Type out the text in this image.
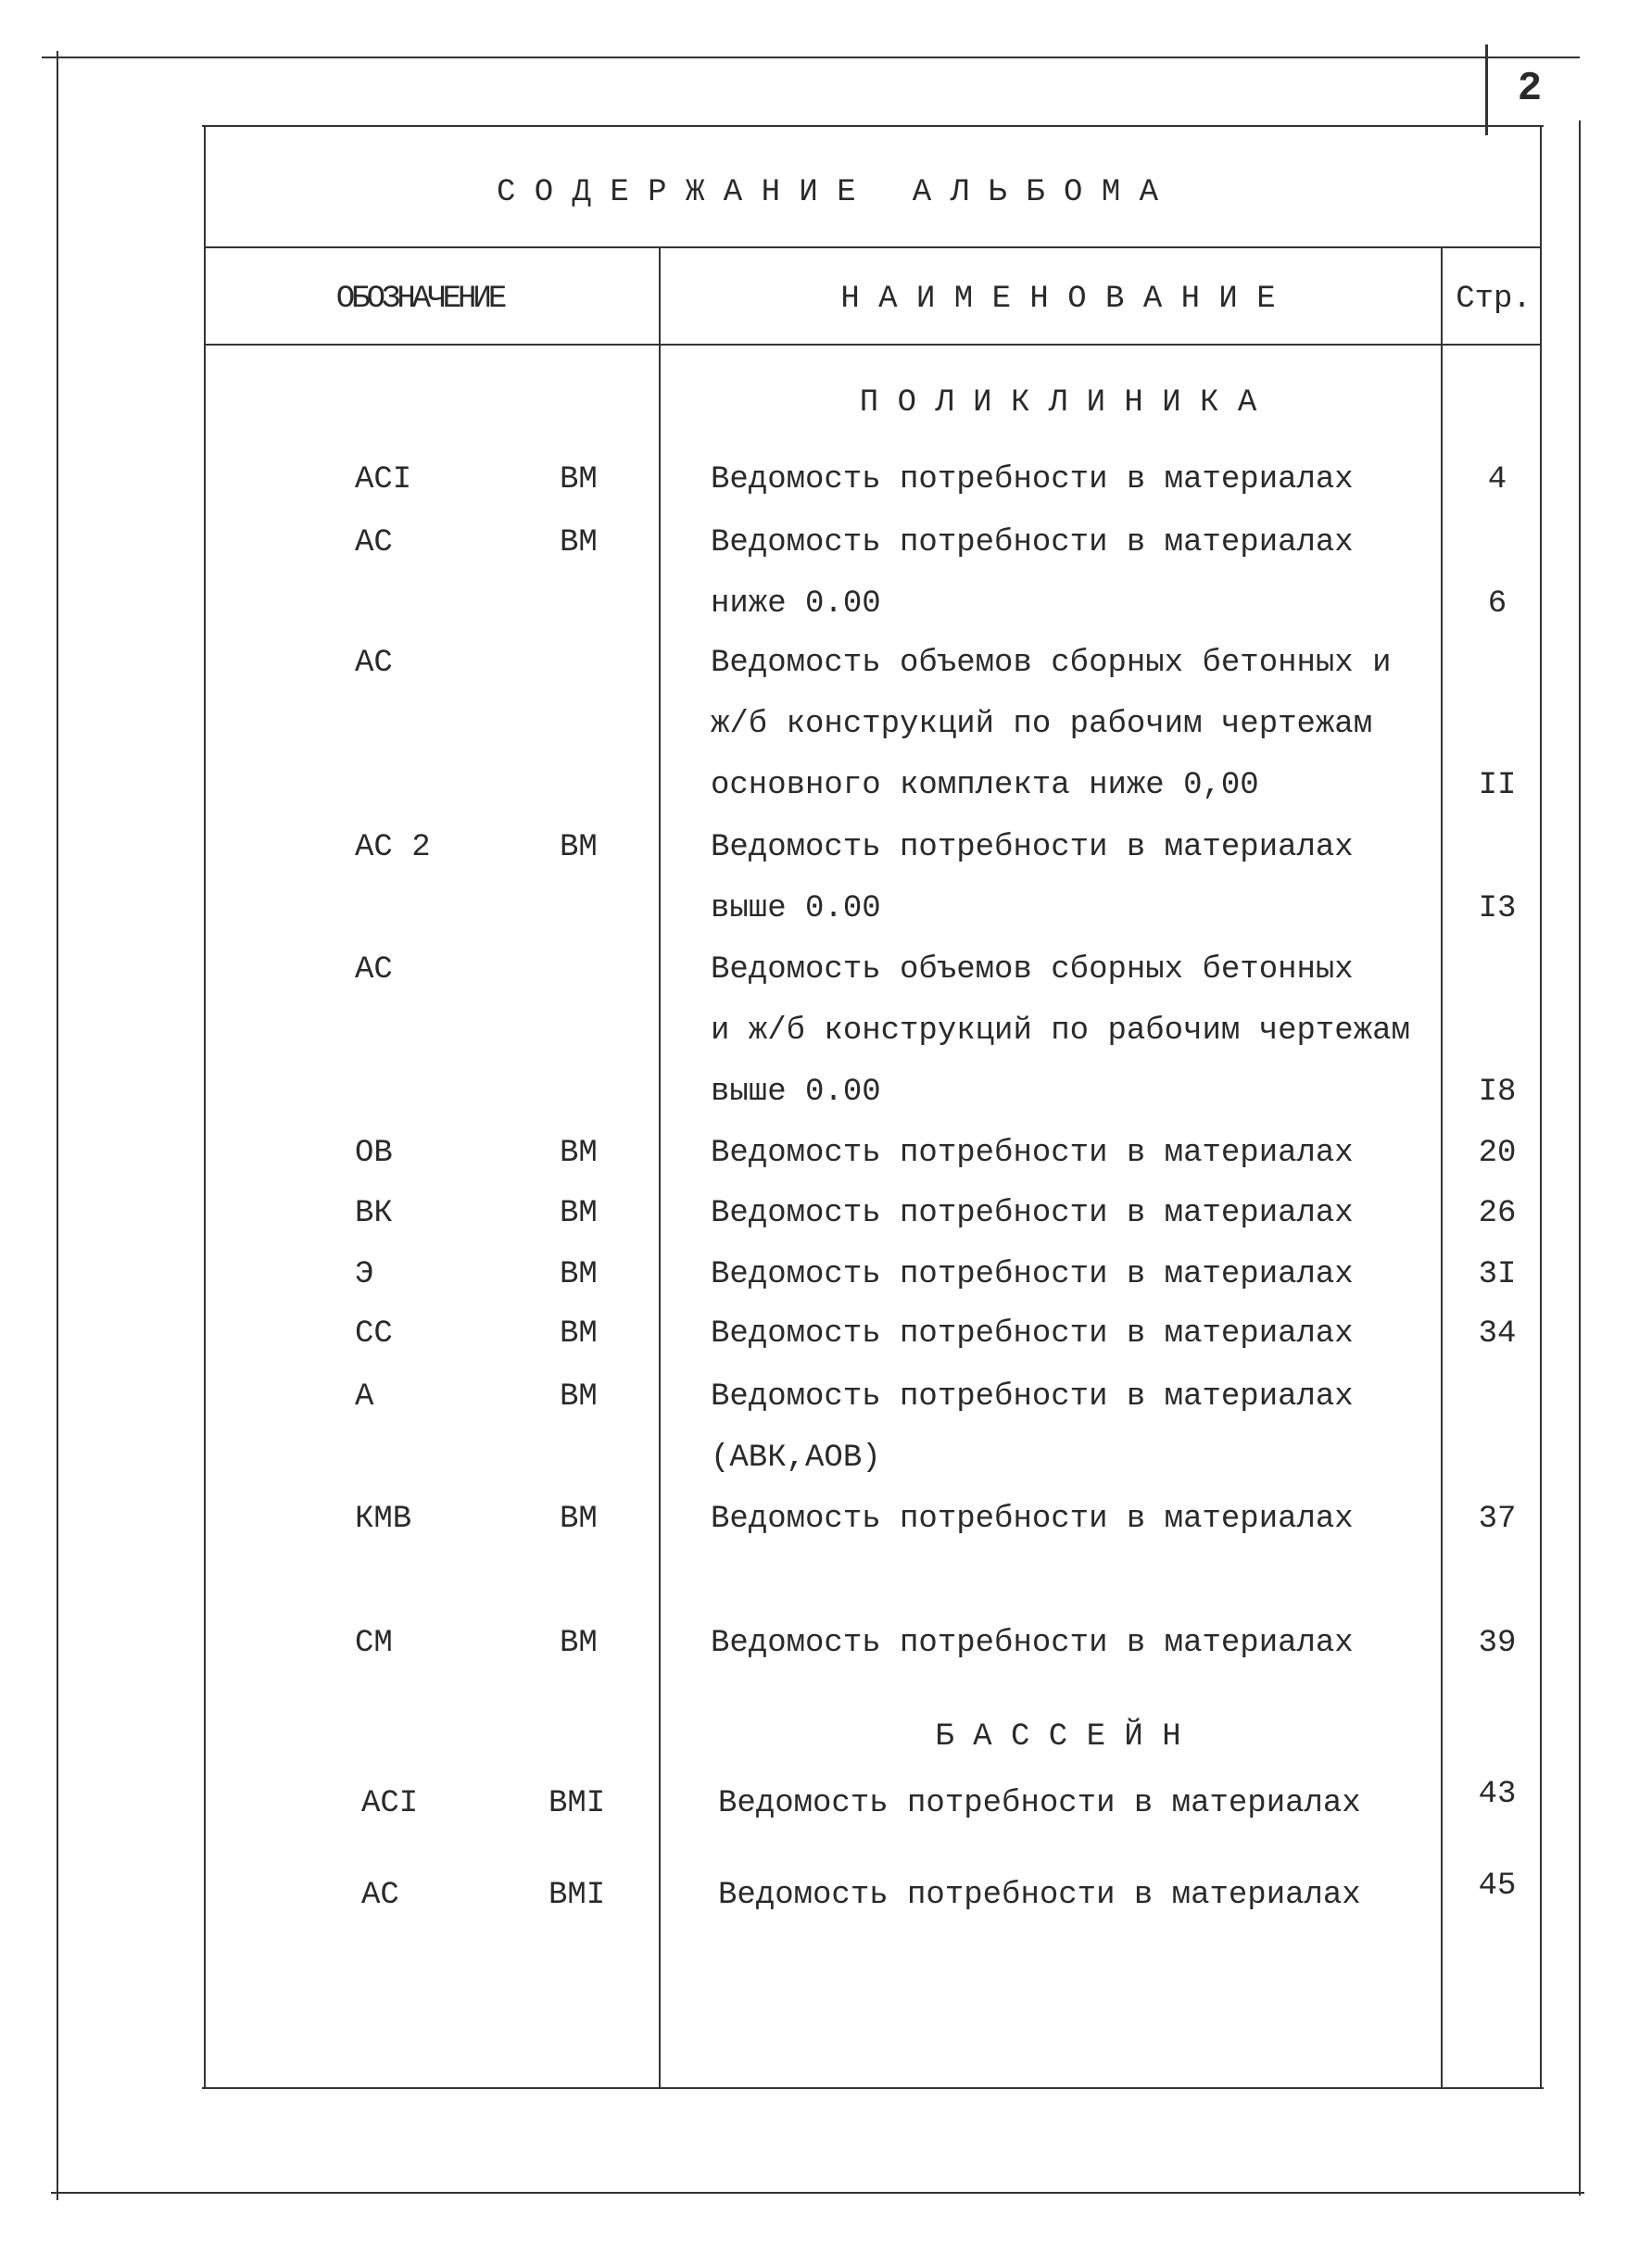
2
С О Д Е Р Ж А Н И Е   А Л Ь Б О М А
ОБОЗНАЧЕНИЕ	Н А И М Е Н О В А Н И Е	Стр.
П О Л И К Л И Н И К А
АСI	ВМ	Ведомость потребности в материалах	4
АС	ВМ	Ведомость потребности в материалах
ниже 0.00	6
АС	Ведомость объемов сборных бетонных и
ж/б конструкций по рабочим чертежам
основного комплекта ниже 0,00	II
АС 2	ВМ	Ведомость потребности в материалах
выше 0.00	I3
АС	Ведомость объемов сборных бетонных
и ж/б конструкций по рабочим чертежам
выше 0.00	I8
ОВ	ВМ	Ведомость потребности в материалах	20
ВК	ВМ	Ведомость потребности в материалах	26
Э	ВМ	Ведомость потребности в материалах	3I
СС	ВМ	Ведомость потребности в материалах	34
А	ВМ	Ведомость потребности в материалах
(АВК,АОВ)
КМВ	ВМ	Ведомость потребности в материалах	37
СМ	ВМ	Ведомость потребности в материалах	39
Б А С С Е Й Н
АСI	ВМI	Ведомость потребности в материалах	43
АС	ВМI	Ведомость потребности в материалах	45
